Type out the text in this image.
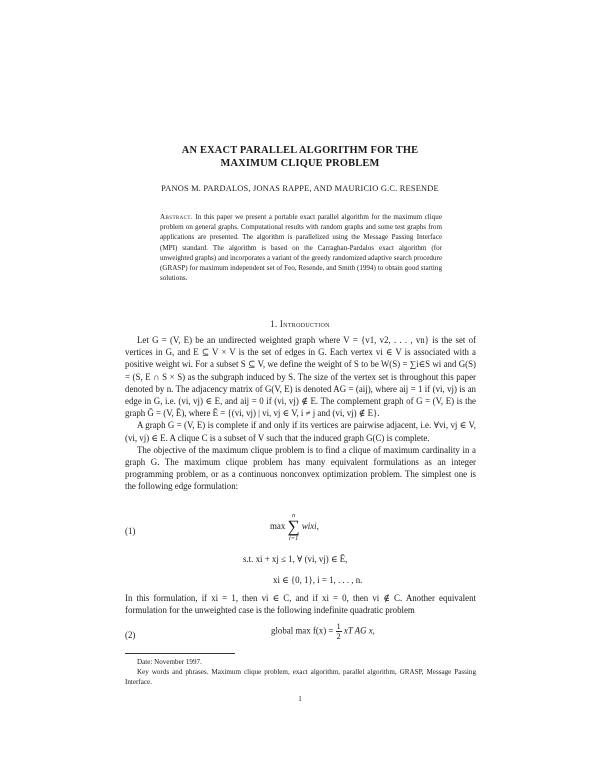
AN EXACT PARALLEL ALGORITHM FOR THE
MAXIMUM CLIQUE PROBLEM
PANOS M. PARDALOS, JONAS RAPPE, AND MAURICIO G.C. RESENDE
Abstract. In this paper we present a portable exact parallel algorithm for the maximum clique problem on general graphs. Computational results with random graphs and some test graphs from applications are presented. The algorithm is parallelized using the Message Passing Interface (MPI) standard. The algorithm is based on the Carraghan-Pardalos exact algorithm (for unweighted graphs) and incorporates a variant of the greedy randomized adaptive search procedure (GRASP) for maximum independent set of Feo, Resende, and Smith (1994) to obtain good starting solutions.
1. Introduction

Let G = (V, E) be an undirected weighted graph where V = {v1, v2, . . . , vn} is the set of vertices in G, and E ⊆ V × V is the set of edges in G. Each vertex vi ∈ V is associated with a positive weight wi. For a subset S ⊆ V, we define the weight of S to be W(S) = ∑i∈S wi and G(S) = (S, E ∩ S × S) as the subgraph induced by S. The size of the vertex set is throughout this paper denoted by n. The adjacency matrix of G(V, E) is denoted AG = (aij), where aij = 1 if (vi, vj) is an edge in G, i.e. (vi, vj) ∈ E, and aij = 0 if (vi, vj) ∉ E. The complement graph of G = (V, E) is the graph Ḡ = (V, Ē), where Ē = {(vi, vj) | vi, vj ∈ V, i ≠ j and (vi, vj) ∉ E}.

A graph G = (V, E) is complete if and only if its vertices are pairwise adjacent, i.e. ∀vi, vj ∈ V, (vi, vj) ∈ E. A clique C is a subset of V such that the induced graph G(C) is complete.

The objective of the maximum clique problem is to find a clique of maximum cardinality in a graph G. The maximum clique problem has many equivalent formulations as an integer programming problem, or as a continuous nonconvex optimization problem. The simplest one is the following edge formulation:

(1)	max
n
∑
i=1
wixi,
s.t. xi + xj ≤ 1, ∀ (vi, vj) ∈ Ē,
xi ∈ {0, 1}, i = 1, . . . , n.

In this formulation, if xi = 1, then vi ∈ C, and if xi = 0, then vi ∉ C. Another equivalent formulation for the unweighted case is the following indefinite quadratic problem

(2)	global $\max f(x) = \frac{1}{2}$ xT AG x,
Date: November 1997.
Key words and phrases. Maximum clique problem, exact algorithm, parallel algorithm, GRASP, Message Passing Interface.
1
